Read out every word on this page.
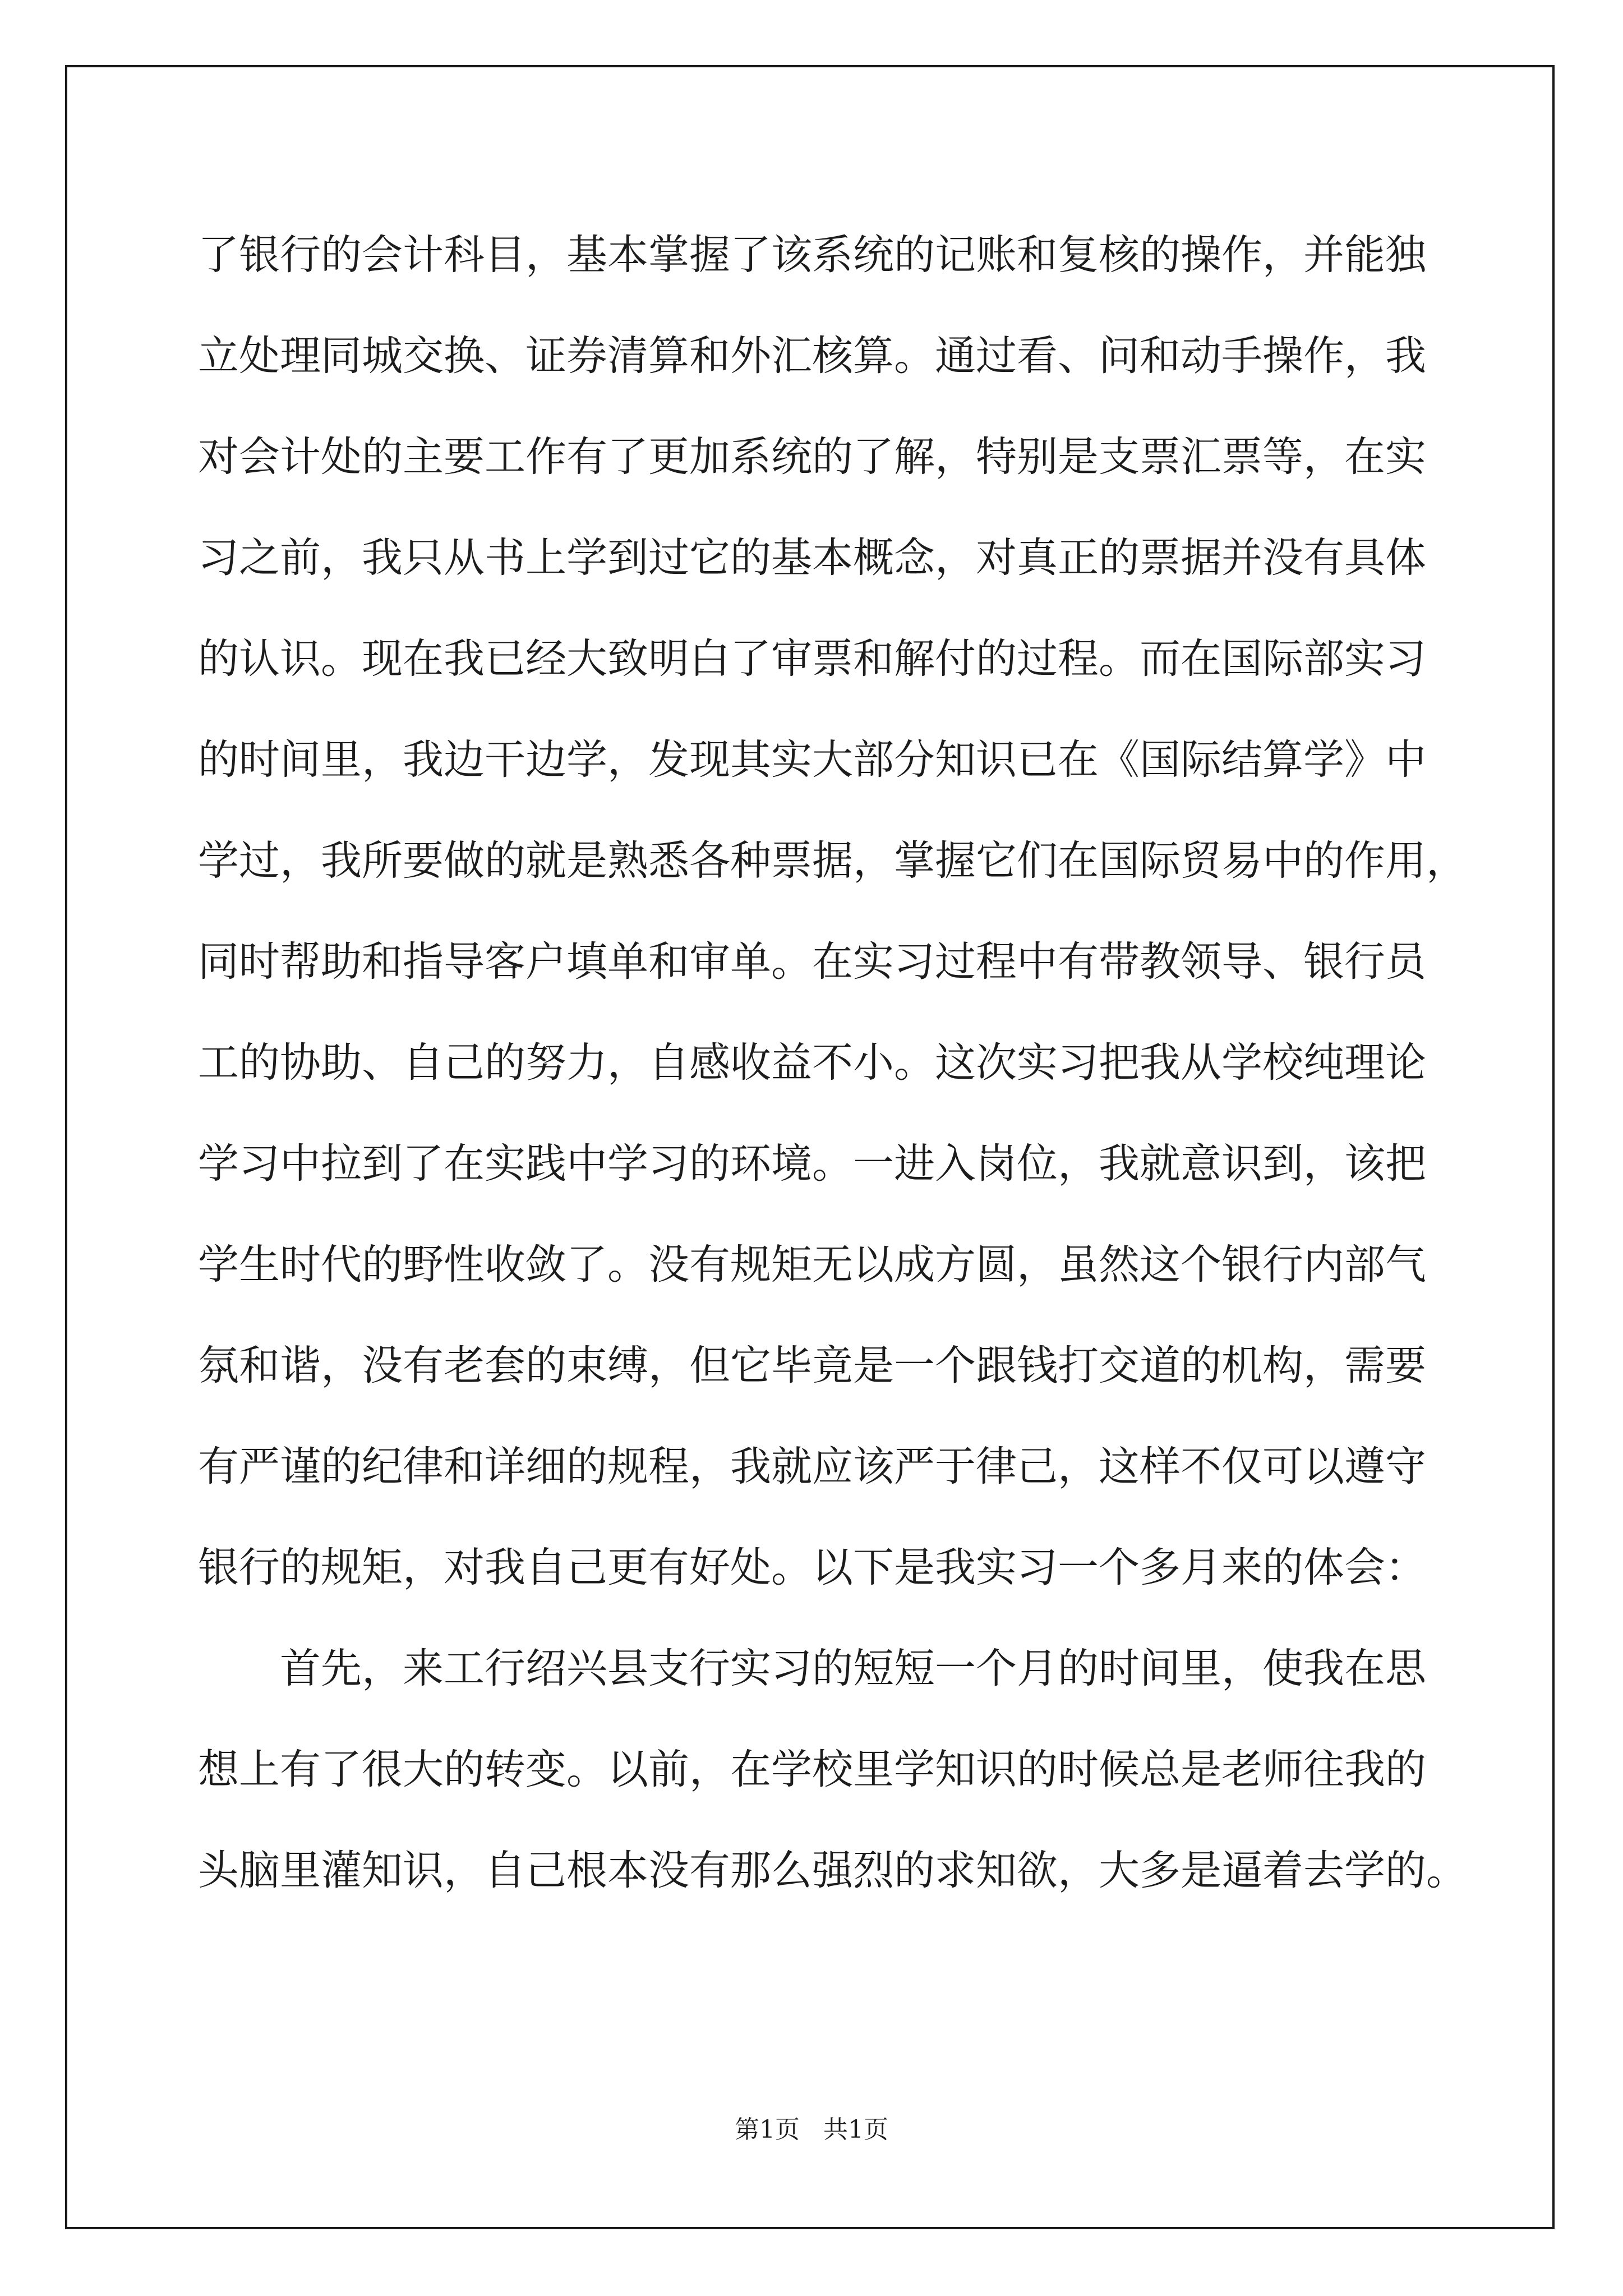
了银行的会计科目，基本掌握了该系统的记账和复核的操作，并能独
立处理同城交换、证券清算和外汇核算。通过看、问和动手操作，我
对会计处的主要工作有了更加系统的了解，特别是支票汇票等，在实
习之前，我只从书上学到过它的基本概念，对真正的票据并没有具体
的认识。现在我已经大致明白了审票和解付的过程。而在国际部实习
的时间里，我边干边学，发现其实大部分知识已在《国际结算学》中
学过，我所要做的就是熟悉各种票据，掌握它们在国际贸易中的作用，
同时帮助和指导客户填单和审单。在实习过程中有带教领导、银行员
工的协助、自己的努力，自感收益不小。这次实习把我从学校纯理论
学习中拉到了在实践中学习的环境。一进入岗位，我就意识到，该把
学生时代的野性收敛了。没有规矩无以成方圆，虽然这个银行内部气
氛和谐，没有老套的束缚，但它毕竟是一个跟钱打交道的机构，需要
有严谨的纪律和详细的规程，我就应该严于律己，这样不仅可以遵守
银行的规矩，对我自己更有好处。以下是我实习一个多月来的体会：
首先，来工行绍兴县支行实习的短短一个月的时间里，使我在思
想上有了很大的转变。以前，在学校里学知识的时候总是老师往我的
头脑里灌知识，自己根本没有那么强烈的求知欲，大多是逼着去学的。
第1页   共1页
